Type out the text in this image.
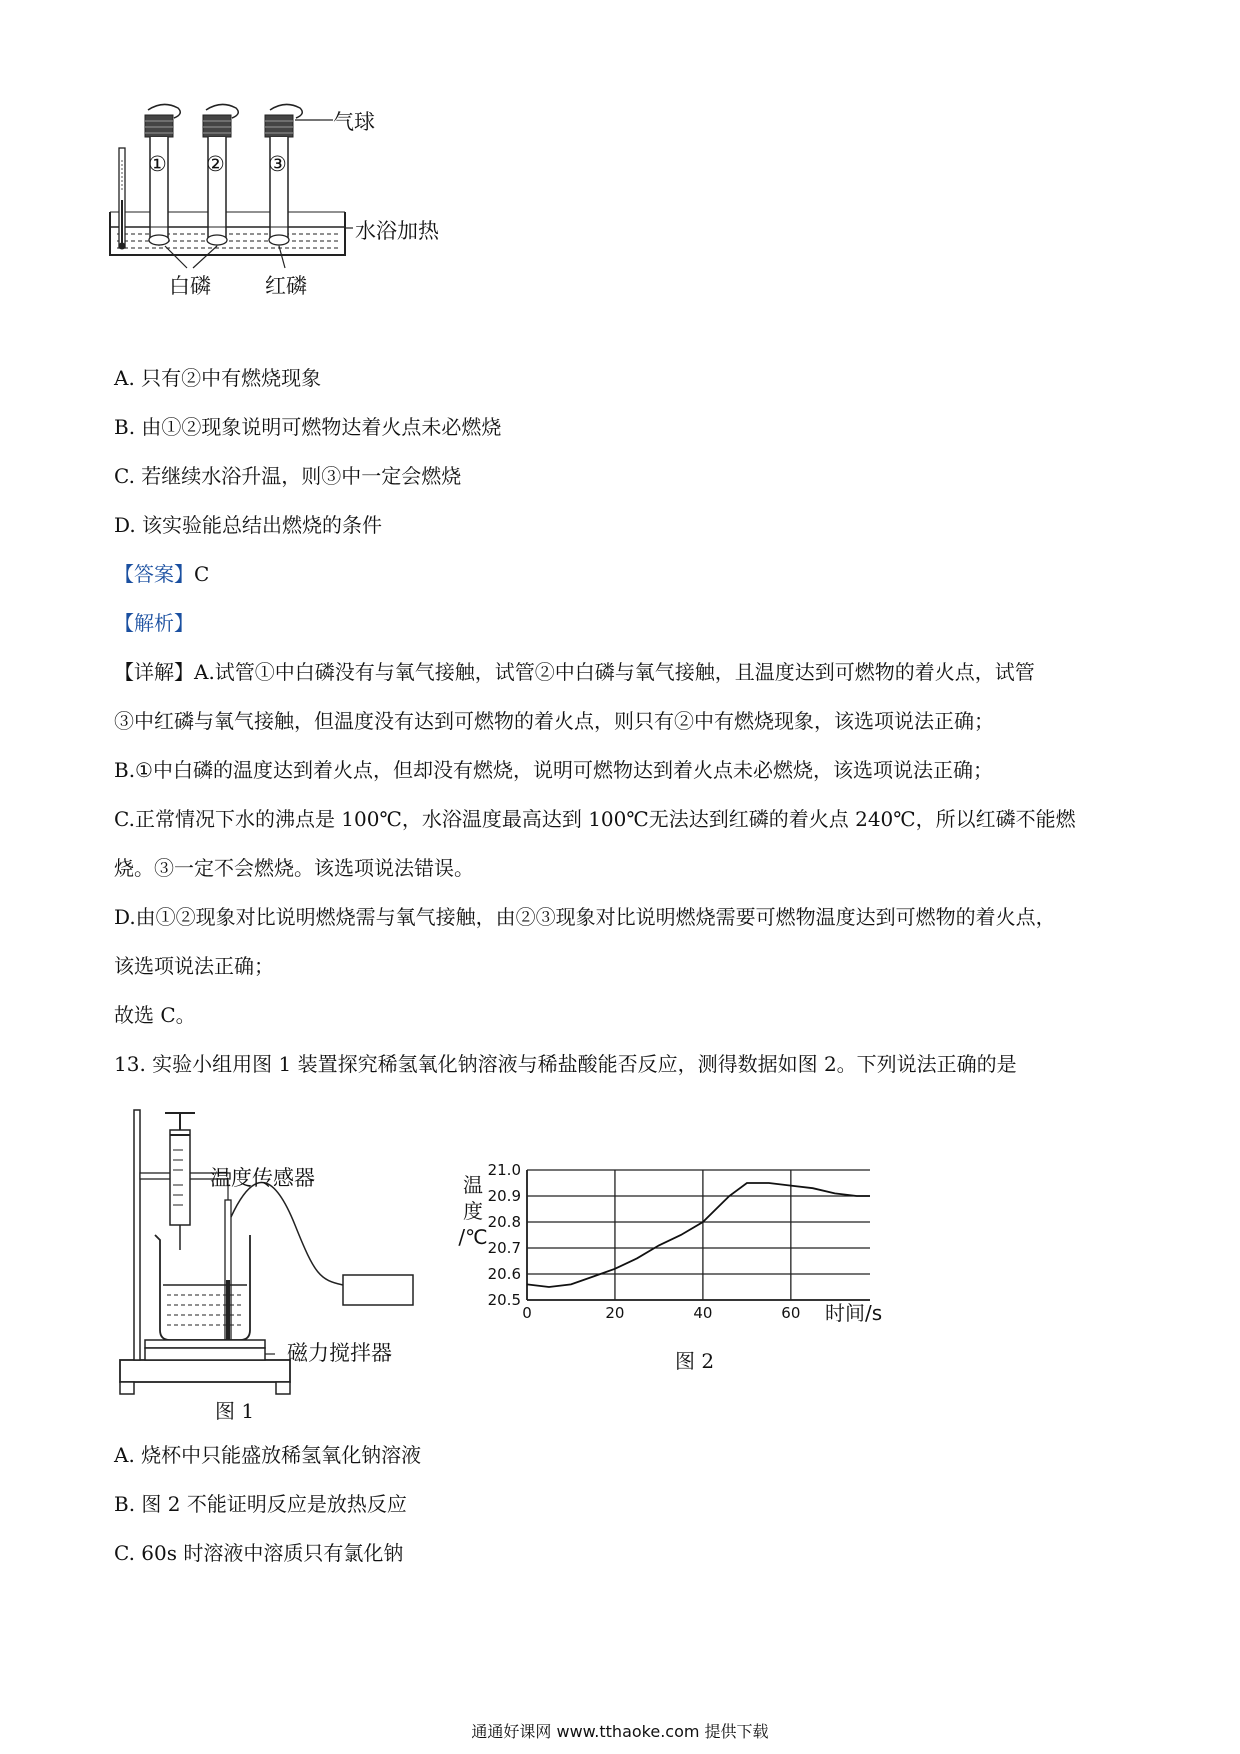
① ② ③
气球
水浴加热
白磷	红磷
A. 只有②中有燃烧现象
B. 由①②现象说明可燃物达着火点未必燃烧
C. 若继续水浴升温，则③中一定会燃烧
D. 该实验能总结出燃烧的条件
【答案】C
【解析】
【详解】A.试管①中白磷没有与氧气接触，试管②中白磷与氧气接触，且温度达到可燃物的着火点，试管
③中红磷与氧气接触，但温度没有达到可燃物的着火点，则只有②中有燃烧现象，该选项说法正确；
B.①中白磷的温度达到着火点，但却没有燃烧，说明可燃物达到着火点未必燃烧，该选项说法正确；
C.正常情况下水的沸点是 100℃，水浴温度最高达到 100℃无法达到红磷的着火点 240℃，所以红磷不能燃
烧。③一定不会燃烧。该选项说法错误。
D.由①②现象对比说明燃烧需与氧气接触，由②③现象对比说明燃烧需要可燃物温度达到可燃物的着火点，
该选项说法正确；
故选 C。
13. 实验小组用图 1 装置探究稀氢氧化钠溶液与稀盐酸能否反应，测得数据如图 2。下列说法正确的是
温度传感器
磁力搅拌器
图 1
20.5
20.6
20.7
20.8
20.9
21.0
0	20	40	60
温
度
/℃
时间/s
图 2
A. 烧杯中只能盛放稀氢氧化钠溶液
B. 图 2 不能证明反应是放热反应
C. 60s 时溶液中溶质只有氯化钠
通通好课网 www.tthaoke.com 提供下载
